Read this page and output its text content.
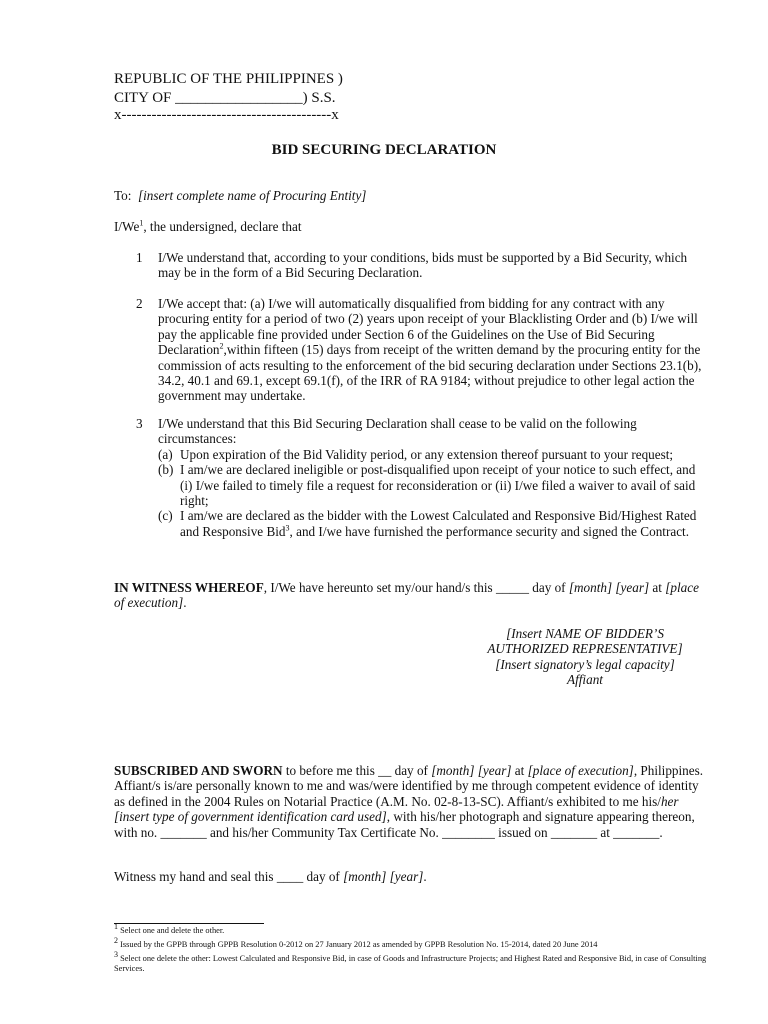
REPUBLIC OF THE PHILIPPINES )
CITY OF _________________) S.S.
x------------------------------------------x
BID SECURING DECLARATION
To: [insert complete name of Procuring Entity]
I/We$^1$, the undersigned, declare that
1 I/We understand that, according to your conditions, bids must be supported by a Bid Security, which may be in the form of a Bid Securing Declaration.
2 I/We accept that: (a) I/we will automatically disqualified from bidding for any contract with any procuring entity for a period of two (2) years upon receipt of your Blacklisting Order and (b) I/we will pay the applicable fine provided under Section 6 of the Guidelines on the Use of Bid Securing Declaration$^2$,within fifteen (15) days from receipt of the written demand by the procuring entity for the commission of acts resulting to the enforcement of the bid securing declaration under Sections 23.1(b), 34.2, 40.1 and 69.1, except 69.1(f), of the IRR of RA 9184; without prejudice to other legal action the government may undertake.
3 I/We understand that this Bid Securing Declaration shall cease to be valid on the following circumstances:
(a) Upon expiration of the Bid Validity period, or any extension thereof pursuant to your request;
(b) I am/we are declared ineligible or post-disqualified upon receipt of your notice to such effect, and (i) I/we failed to timely file a request for reconsideration or (ii) I/we filed a waiver to avail of said right;
(c) I am/we are declared as the bidder with the Lowest Calculated and Responsive Bid/Highest Rated and Responsive Bid$^3$, and I/we have furnished the performance security and signed the Contract.
IN WITNESS WHEREOF, I/We have hereunto set my/our hand/s this _____ day of [month] [year] at [place of execution].
[Insert NAME OF BIDDER’S
AUTHORIZED REPRESENTATIVE]
[Insert signatory’s legal capacity]
Affiant
SUBSCRIBED AND SWORN to before me this __ day of [month] [year] at [place of execution], Philippines. Affiant/s is/are personally known to me and was/were identified by me through competent evidence of identity as defined in the 2004 Rules on Notarial Practice (A.M. No. 02-8-13-SC). Affiant/s exhibited to me his/her [insert type of government identification card used], with his/her photograph and signature appearing thereon, with no. _______ and his/her Community Tax Certificate No. ________ issued on _______ at _______.
Witness my hand and seal this ____ day of [month] [year].
1 Select one and delete the other.
2 Issued by the GPPB through GPPB Resolution 0-2012 on 27 January 2012 as amended by GPPB Resolution No. 15-2014, dated 20 June 2014
3 Select one delete the other: Lowest Calculated and Responsive Bid, in case of Goods and Infrastructure Projects; and Highest Rated and Responsive Bid, in case of Consulting Services.
